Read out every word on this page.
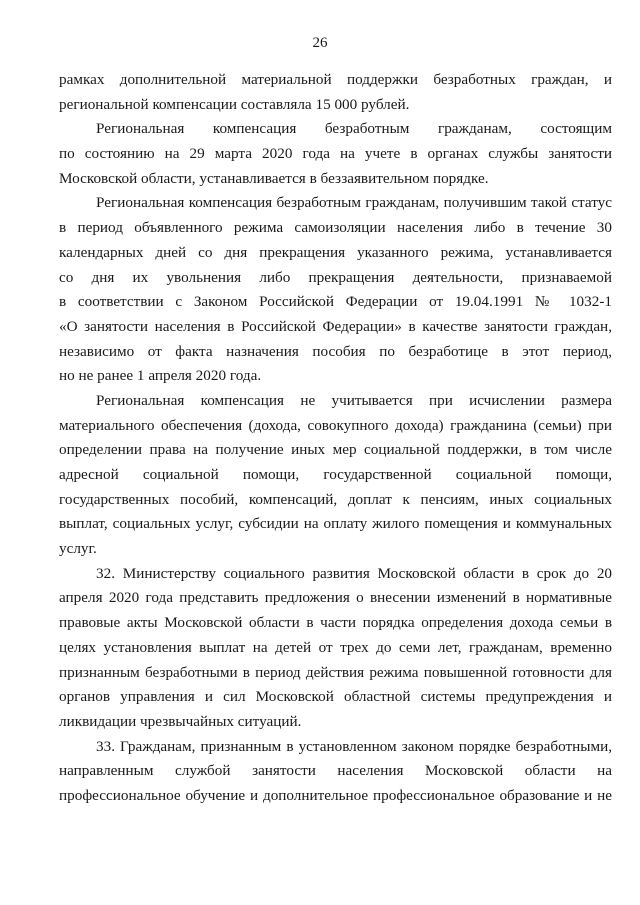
26
рамках дополнительной материальной поддержки безработных граждан, и
региональной компенсации составляла 15 000 рублей.
Региональная компенсация безработным гражданам, состоящим
по состоянию на 29 марта 2020 года на учете в органах службы занятости
Московской области, устанавливается в беззаявительном порядке.
Региональная компенсация безработным гражданам, получившим такой статус
в период объявленного режима самоизоляции населения либо в течение 30
календарных дней со дня прекращения указанного режима, устанавливается
со дня их увольнения либо прекращения деятельности, признаваемой
в соответствии с Законом Российской Федерации от 19.04.1991 № 1032-1
«О занятости населения в Российской Федерации» в качестве занятости граждан,
независимо от факта назначения пособия по безработице в этот период,
но не ранее 1 апреля 2020 года.
Региональная компенсация не учитывается при исчислении размера
материального обеспечения (дохода, совокупного дохода) гражданина (семьи) при
определении права на получение иных мер социальной поддержки, в том числе
адресной социальной помощи, государственной социальной помощи,
государственных пособий, компенсаций, доплат к пенсиям, иных социальных
выплат, социальных услуг, субсидии на оплату жилого помещения и коммунальных
услуг.
32. Министерству социального развития Московской области в срок до 20
апреля 2020 года представить предложения о внесении изменений в нормативные
правовые акты Московской области в части порядка определения дохода семьи в
целях установления выплат на детей от трех до семи лет, гражданам, временно
признанным безработными в период действия режима повышенной готовности для
органов управления и сил Московской областной системы предупреждения и
ликвидации чрезвычайных ситуаций.
33. Гражданам, признанным в установленном законом порядке безработными,
направленным службой занятости населения Московской области на
профессиональное обучение и дополнительное профессиональное образование и не
